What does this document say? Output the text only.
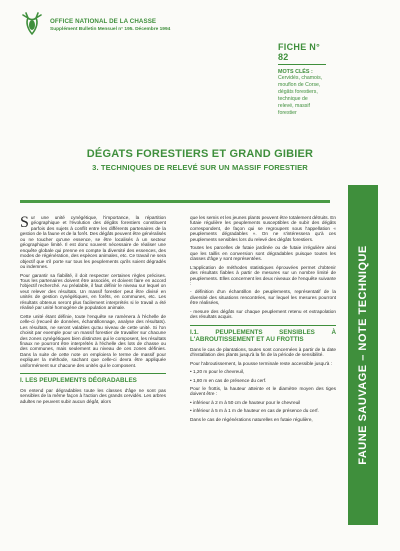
OFFICE NATIONAL DE LA CHASSE
Supplément Bulletin Mensuel n° 195. Décembre 1994
FICHE N° 82
MOTS CLÉS :
Cervidés, chamois,
mouflon de Corse,
dégâts forestiers,
technique de
relevé, massif
forestier
DÉGATS FORESTIERS ET GRAND GIBIER
3. TECHNIQUES DE RELEVÉ SUR UN MASSIF FORESTIER

Sur une unité cynégétique, l'importance, la répartition géographique et l'évolution des dégâts forestiers constituent parfois des sujets à conflit entre les différents partenaires de la gestion de la faune et de la forêt. Des dégâts peuvent être généralisés ou ne toucher qu'une essence, se être localisés à un secteur géographique limité. Il est donc souvent nécessaire de réaliser une enquête globale qui prenne en compte la diversité des essences, des modes de régénération, des espèces animales, etc. Ce travail ne sera objectif que s'il porte sur tous les peuplements qu'ils soient dégradés ou indemnes.

Pour garantir sa fiabilité, il doit respecter certaines règles précises. Tous les partenaires doivent être associés, et doivent faire en accord l'objectif recherché. Au préalable, il faut définir le niveau sur lequel on veut relever des résultats. Un massif forestier peut être divisé en unités de gestion cynégétiques, en forêts, en communes, etc. Les résultats obtenus seront plus facilement interprétés si le travail a été réalisé par unité homogène de population animale.

Cette unité étant définie, toute l'enquête se ramènera à l'échelle de celle-ci (recueil de données, échantillonnage, analyse des résultats). Les résultats, ne seront valables qu'au niveau de cette unité. Si l'on choisit par exemple pour un massif forestier de travailler sur chacune des zones cynégétiques bien distinctes qui le composent, les résultats finaux ne pourront être interprétés à l'échelle des lots de chasse ou des communes, mais seulement au niveau de ces zones définies. Dans la suite de cette note on emploiera le terme de massif pour expliquer la méthode, sachant que celle-ci devra être appliquée uniformément sur chacune des unités qui le composent.

I. LES PEUPLEMENTS DÉGRADABLES

On entend par dégradables toute les classes d'âge ne sont pas sensibles de la même façon à l'action des grands cervidés. Les arbres adultes ne peuvent subir aucun dégât, alors

que les semis et les jeunes plants peuvent être totalement détruits. En futaie régulière les peuplements susceptibles de subir des dégâts correspondent, de façon qui se regroupent sous l'appellation « peuplements dégradables ». On ne s'intéressera qu'à ces peuplements sensibles lors du relevé des dégâts forestiers.

Toutes les parcelles de futaie jardinée ou de futaie irrégulière ainsi que les taillis en conversion sont dégradables puisque toutes les classes d'âge y sont représentées.

L'application de méthodes statistiques éprouvées permet d'obtenir des résultats fiables à partir de mesures sur un nombre limité de peuplements. Elles concernent les deux niveaux de l'enquête suivante :

- définition d'un échantillon de peuplements, représentatif de la diversité des situations rencontrées, sur lequel les mesures pourront être réalisées,

- mesure des dégâts sur chaque peuplement retenu et extrapolation des résultats acquis.

I.1. PEUPLEMENTS SENSIBLES À L'ABROUTISSEMENT ET AU FROTTIS

Dans le cas de plantations, toutes sont concernées à partir de la date d'installation des plants jusqu'à la fin de la période de sensibilité.

Pour l'abroutissement, la pousse terminale reste accessible jusqu'à :

• 1,20 m pour le chevreuil,

• 1,80 m en cas de présence du cerf.

Pour le frottis, la hauteur atteinte et le diamètre moyen des tiges doivent être :

• inférieur à 2 m à 50 cm de hauteur pour le chevreuil

• inférieur à 5 m à 1 m de hauteur en cas de présence du cerf.

Dans le cas de régénérations naturelles en futaie régulière,	FAUNE SAUVAGE – NOTE TECHNIQUE
